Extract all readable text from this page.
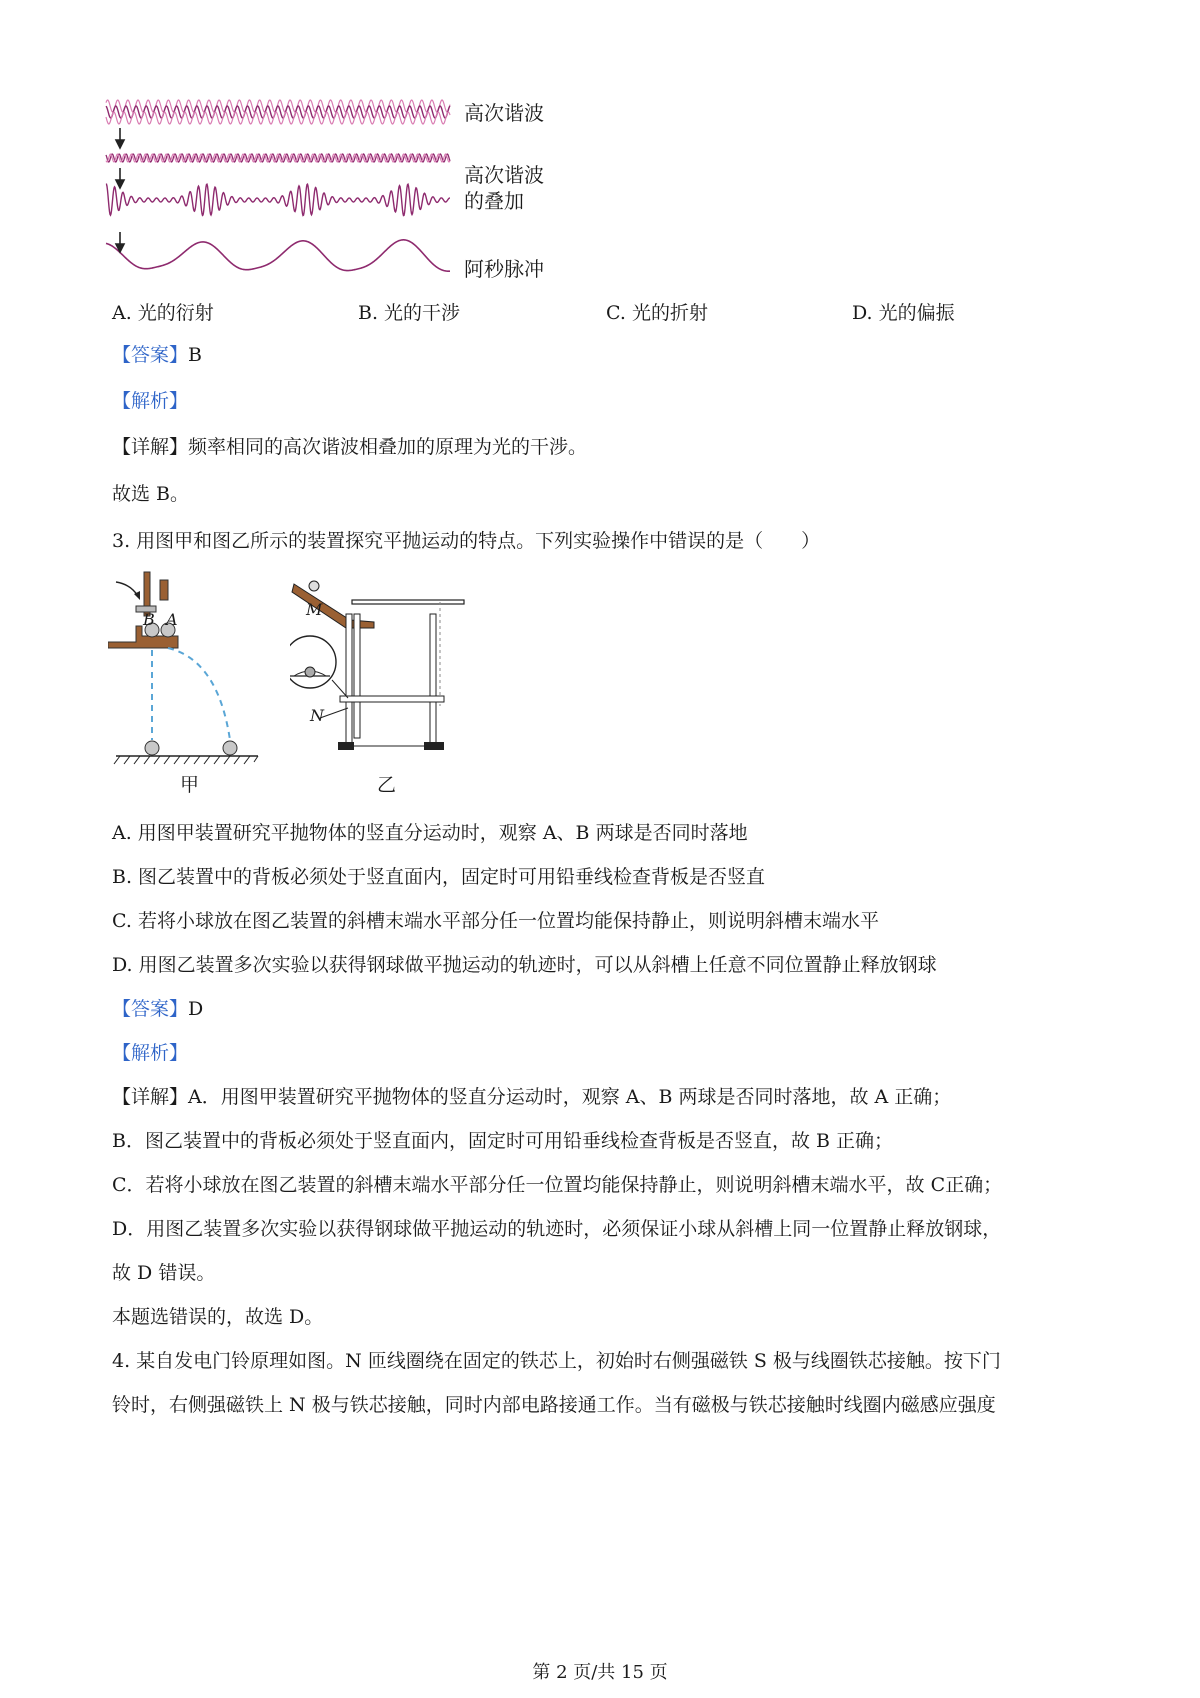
高次谐波
高次谐波
的叠加
阿秒脉冲
A. 光的衍射	B. 光的干涉	C. 光的折射	D. 光的偏振
【答案】B
【解析】
【详解】频率相同的高次谐波相叠加的原理为光的干涉。
故选 B。
3. 用图甲和图乙所示的装置探究平抛运动的特点。下列实验操作中错误的是（　　）
B A
甲
M
N
乙
A. 用图甲装置研究平抛物体的竖直分运动时，观察 A、B 两球是否同时落地
B. 图乙装置中的背板必须处于竖直面内，固定时可用铅垂线检查背板是否竖直
C. 若将小球放在图乙装置的斜槽末端水平部分任一位置均能保持静止，则说明斜槽末端水平
D. 用图乙装置多次实验以获得钢球做平抛运动的轨迹时，可以从斜槽上任意不同位置静止释放钢球
【答案】D
【解析】
【详解】A．用图甲装置研究平抛物体的竖直分运动时，观察 A、B 两球是否同时落地，故 A 正确；
B．图乙装置中的背板必须处于竖直面内，固定时可用铅垂线检查背板是否竖直，故 B 正确；
C．若将小球放在图乙装置的斜槽末端水平部分任一位置均能保持静止，则说明斜槽末端水平，故 C正确；
D．用图乙装置多次实验以获得钢球做平抛运动的轨迹时，必须保证小球从斜槽上同一位置静止释放钢球，
故 D 错误。
本题选错误的，故选 D。
4. 某自发电门铃原理如图。N 匝线圈绕在固定的铁芯上，初始时右侧强磁铁 S 极与线圈铁芯接触。按下门
铃时，右侧强磁铁上 N 极与铁芯接触，同时内部电路接通工作。当有磁极与铁芯接触时线圈内磁感应强度
第 2 页/共 15 页
